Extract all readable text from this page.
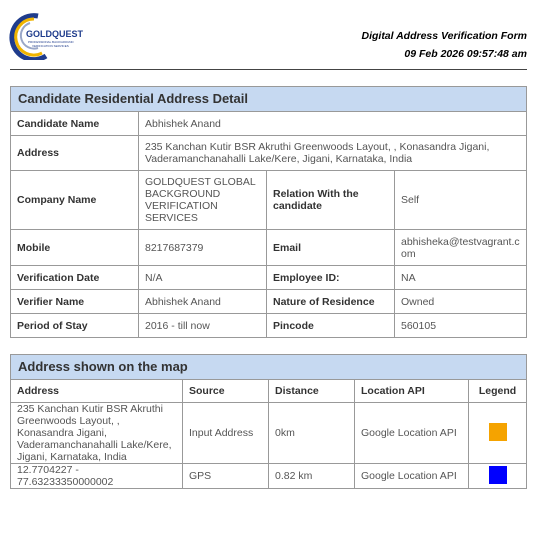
GOLDQUEST
PROFESSIONAL BACKGROUND
VERIFICATION SERVICES
Digital Address Verification Form
09 Feb 2026 09:57:48 am
Candidate Residential Address Detail			
Candidate Name	Abhishek Anand		
Address	235 Kanchan Kutir BSR Akruthi Greenwoods Layout, , Konasandra Jigani, Vaderamanchanahalli Lake/Kere, Jigani, Karnataka, India		
Company Name	GOLDQUEST GLOBAL BACKGROUND VERIFICATION SERVICES	Relation With the candidate	Self
Mobile	8217687379	Email	abhisheka@testvagrant.com
Verification Date	N/A	Employee ID:	NA
Verifier Name	Abhishek Anand	Nature of Residence	Owned
Period of Stay	2016 - till now	Pincode	560105
Address shown on the map				
Address	Source	Distance	Location API	Legend
235 Kanchan Kutir BSR Akruthi Greenwoods Layout, , Konasandra Jigani, Vaderamanchanahalli Lake/Kere, Jigani, Karnataka, India	Input Address	0km	Google Location API	
12.7704227 - 77.63233350000002	GPS	0.82 km	Google Location API	
